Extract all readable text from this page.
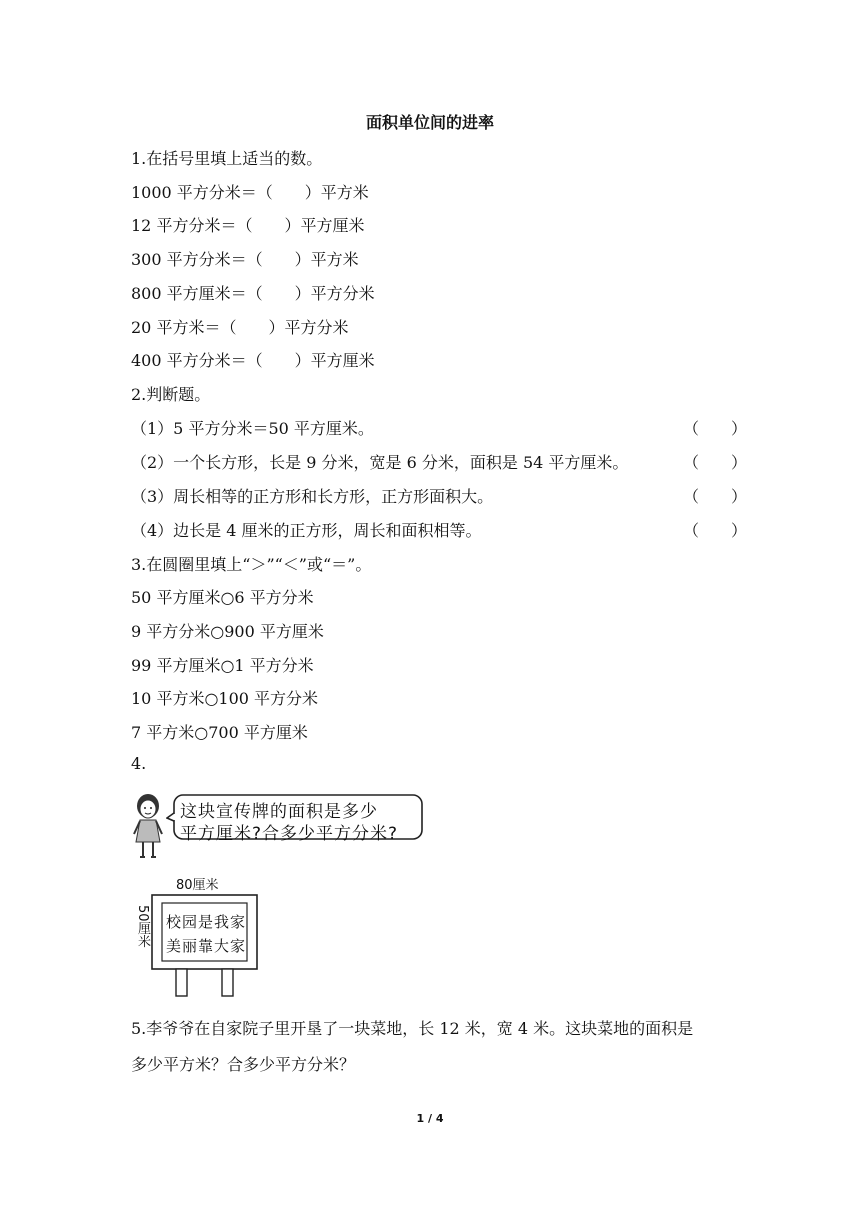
面积单位间的进率
1.在括号里填上适当的数。
1000 平方分米＝（　　）平方米
12 平方分米＝（　　）平方厘米
300 平方分米＝（　　）平方米
800 平方厘米＝（　　）平方分米
20 平方米＝（　　）平方分米
400 平方分米＝（　　）平方厘米
2.判断题。
（1）5 平方分米＝50 平方厘米。	（　　）
（2）一个长方形，长是 9 分米，宽是 6 分米，面积是 54 平方厘米。	（　　）
（3）周长相等的正方形和长方形，正方形面积大。	（　　）
（4）边长是 4 厘米的正方形，周长和面积相等。	（　　）
3.在圆圈里填上“＞”“＜”或“＝”。
50 平方厘米○6 平方分米
9 平方分米○900 平方厘米
99 平方厘米○1 平方分米
10 平方米○100 平方分米
7 平方米○700 平方厘米
4.
这块宣传牌的面积是多少
平方厘米?合多少平方分米?
80厘米
50厘米 校园是我家
美丽靠大家
5.李爷爷在自家院子里开垦了一块菜地，长 12 米，宽 4 米。这块菜地的面积是
多少平方米？合多少平方分米？
1 / 4
